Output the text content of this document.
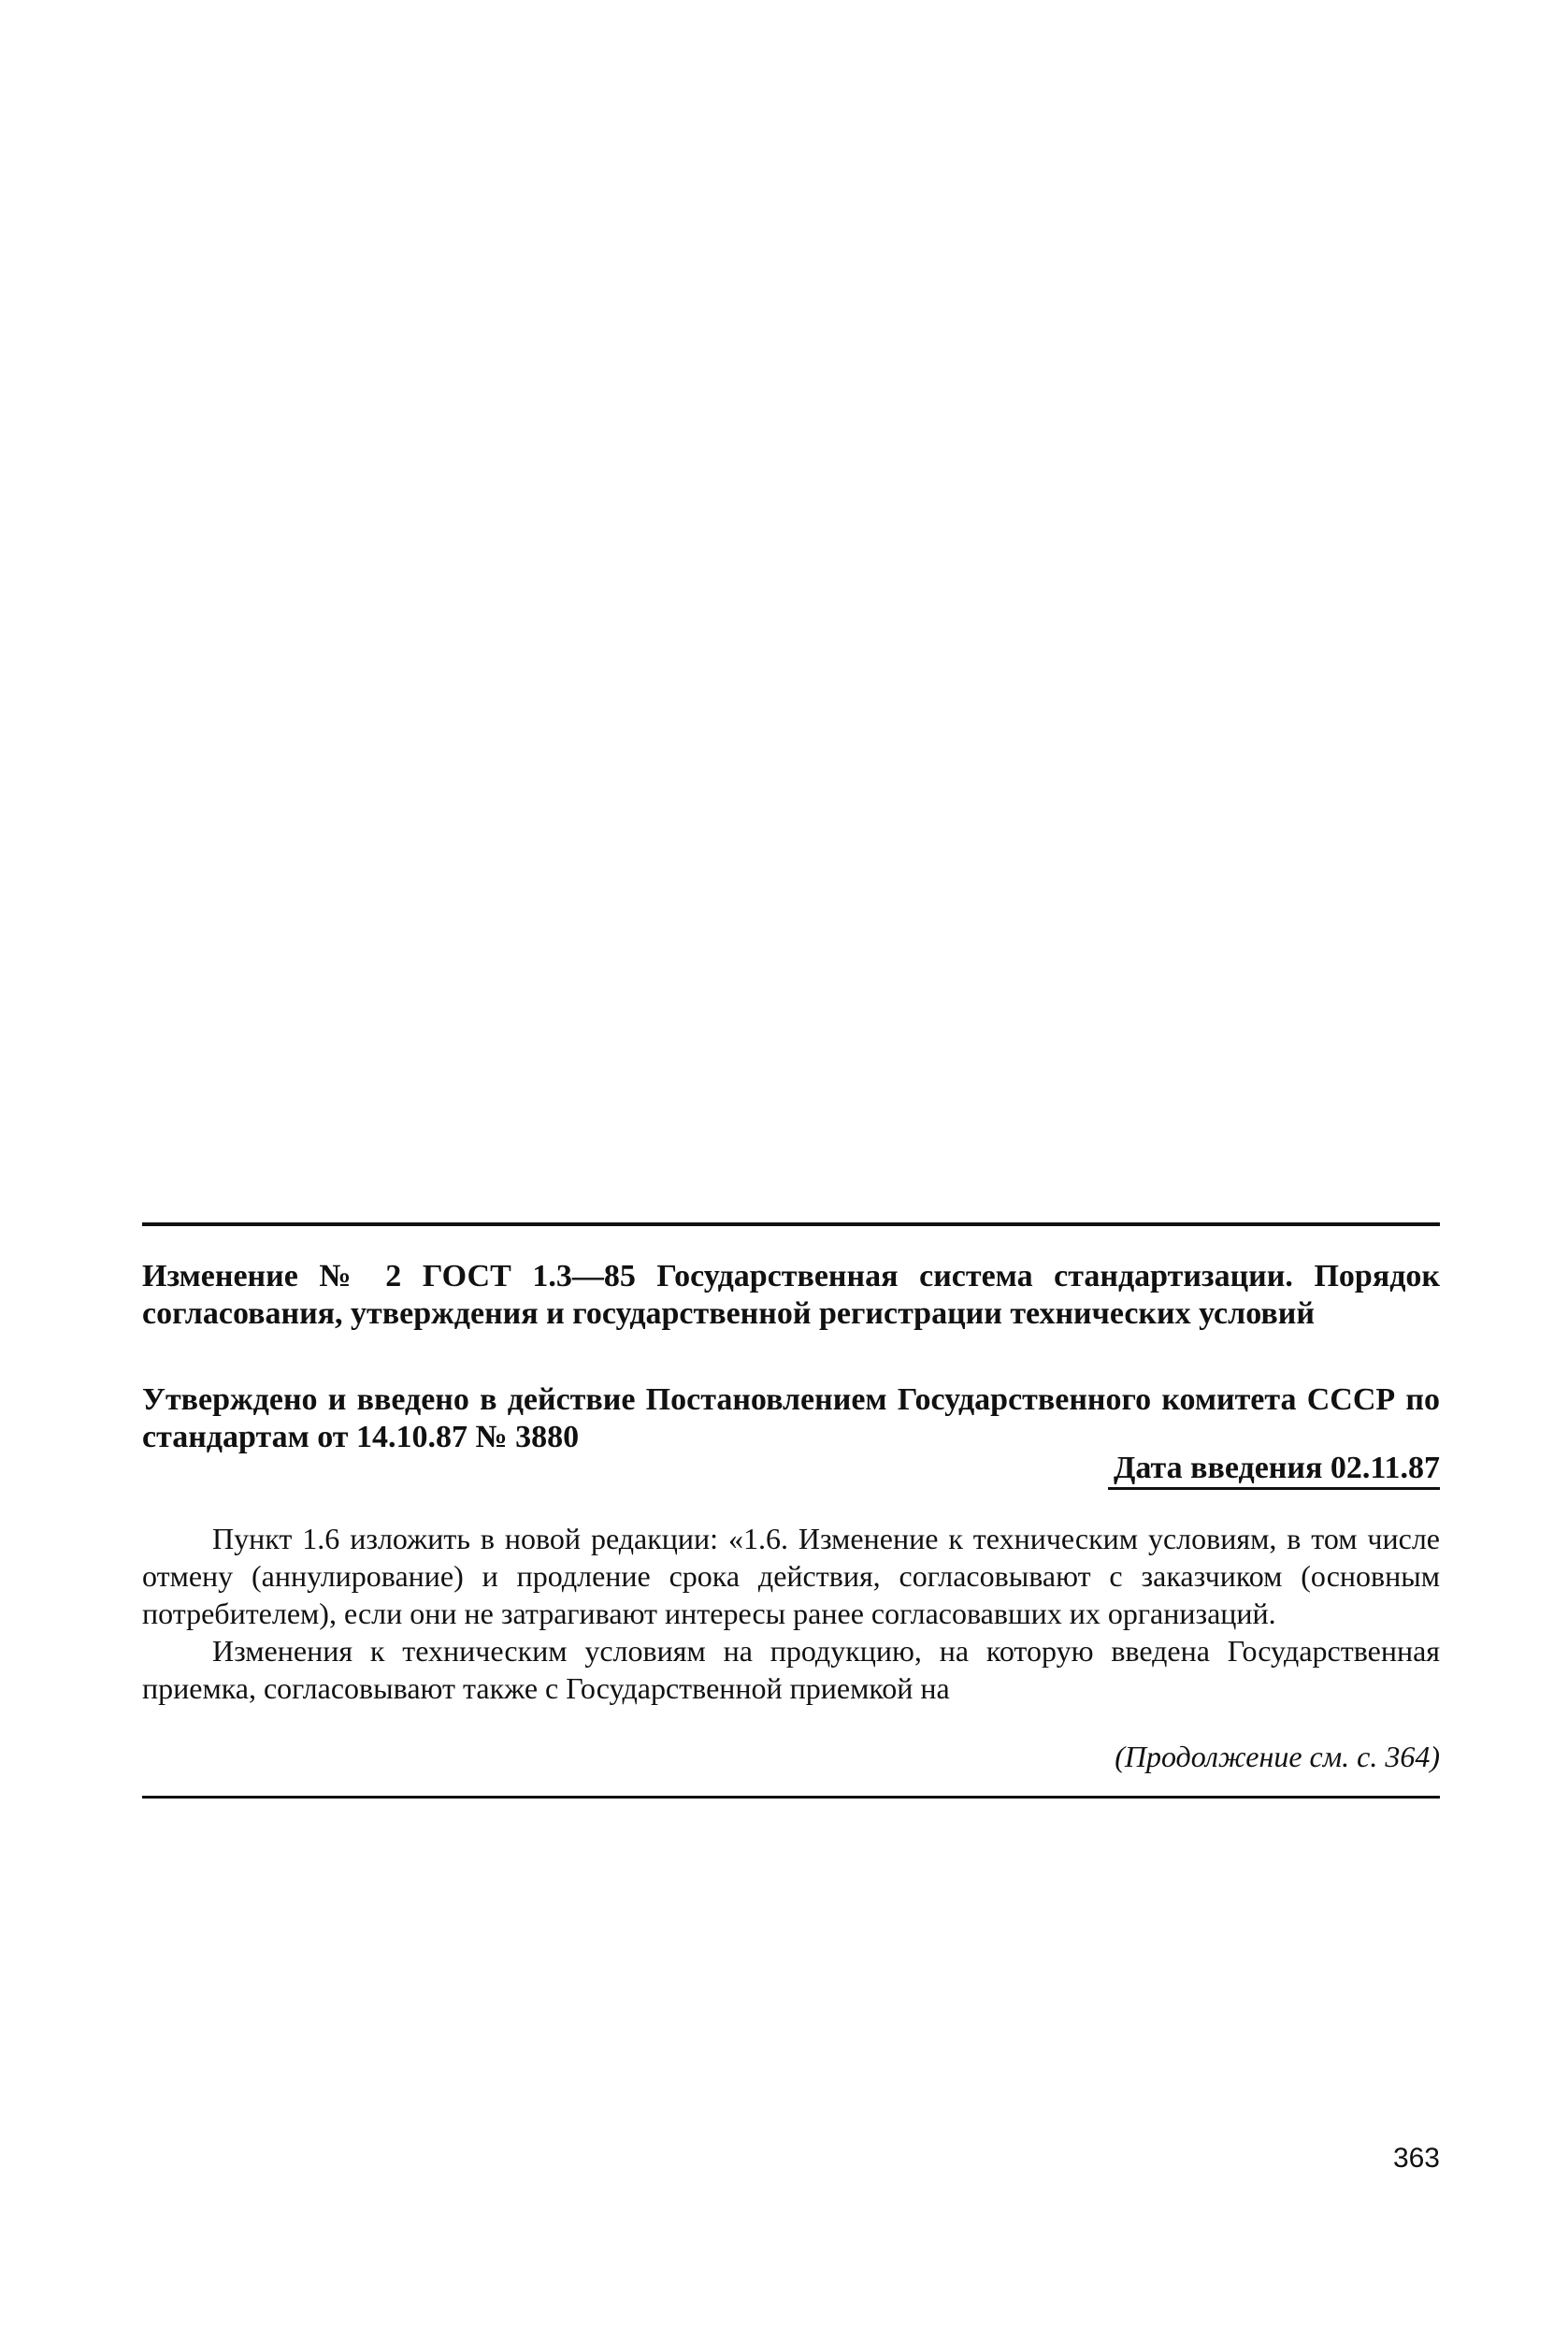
Изменение № 2 ГОСТ 1.3—85 Государственная система стандартизации. Порядок согласования, утверждения и государственной регистрации технических условий
Утверждено и введено в действие Постановлением Государственного комитета СССР по стандартам от 14.10.87 № 3880
Дата введения 02.11.87

Пункт 1.6 изложить в новой редакции: «1.6. Изменение к техническим условиям, в том числе отмену (аннулирование) и продление срока действия, согласовывают с заказчиком (основным потребителем), если они не затрагивают интересы ранее согласовавших их организаций.

Изменения к техническим условиям на продукцию, на которую введена Государственная приемка, согласовывают также с Государственной приемкой на

(Продолжение см. с. 364)
363
